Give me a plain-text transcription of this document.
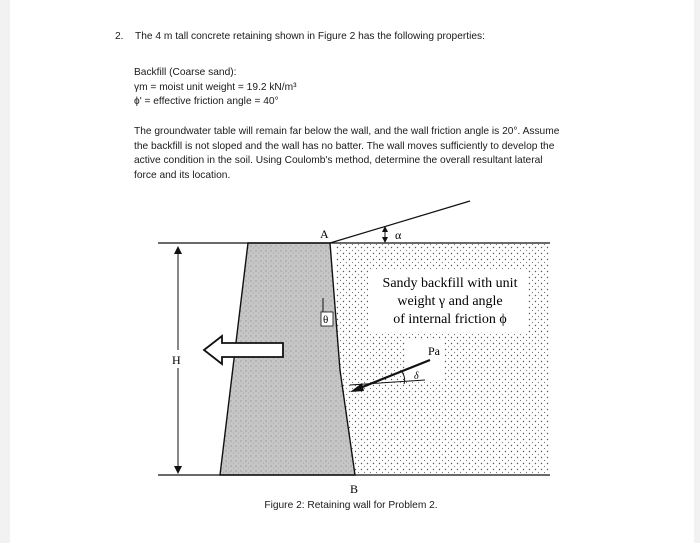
2. The 4 m tall concrete retaining shown in Figure 2 has the following properties:
Backfill (Coarse sand):
γm = moist unit weight = 19.2 kN/m³
ϕ' = effective friction angle = 40°
The groundwater table will remain far below the wall, and the wall friction angle is 20°. Assume
the backfill is not sloped and the wall has no batter. The wall moves sufficiently to develop the
active condition in the soil. Using Coulomb's method, determine the overall resultant lateral
force and its location.
α
A
θ
H
Pa
δ
Sandy backfill with unit
weight γ and angle
of internal friction ϕ
B
Figure 2: Retaining wall for Problem 2.
